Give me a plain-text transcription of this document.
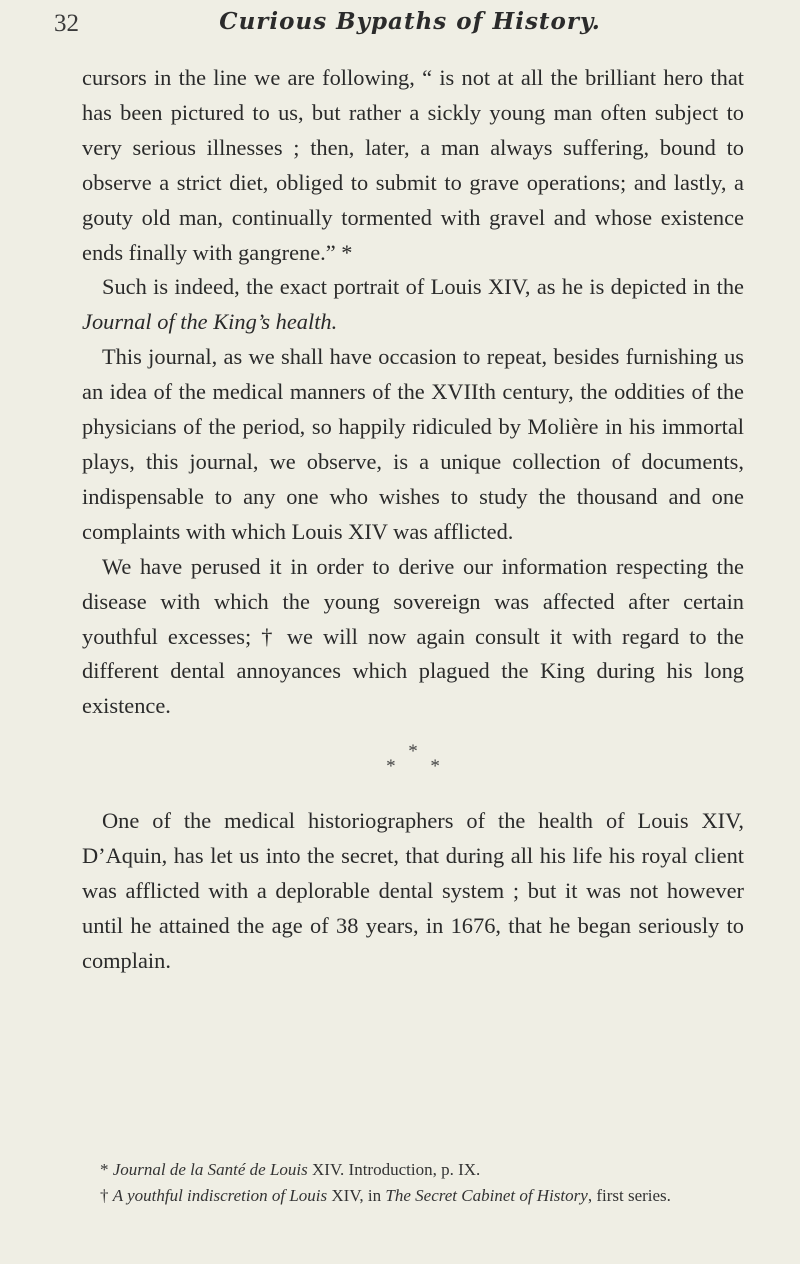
32	Curious Bypaths of History.

cursors in the line we are following, “ is not at all the brilliant hero that has been pictured to us, but rather a sickly young man often subject to very serious illnesses ; then, later, a man always suffering, bound to observe a strict diet, obliged to submit to grave operations; and lastly, a gouty old man, continually tormented with gravel and whose existence ends finally with gangrene.” *

Such is indeed, the exact portrait of Louis XIV, as he is depicted in the Journal of the King’s health.

This journal, as we shall have occasion to repeat, besides furnishing us an idea of the medical manners of the XVIIth century, the oddities of the physicians of the period, so happily ridiculed by Molière in his immortal plays, this journal, we observe, is a unique collection of documents, indispensable to any one who wishes to study the thousand and one complaints with which Louis XIV was afflicted.

We have perused it in order to derive our information respecting the disease with which the young sovereign was affected after certain youthful excesses; † we will now again consult it with regard to the different dental annoyances which plagued the King during his long existence.

*
* *

One of the medical historiographers of the health of Louis XIV, D’Aquin, has let us into the secret, that during all his life his royal client was afflicted with a deplorable dental system ; but it was not however until he attained the age of 38 years, in 1676, that he began seriously to complain.

* Journal de la Santé de Louis XIV. Introduction, p. IX.

† A youthful indiscretion of Louis XIV, in The Secret Cabinet of History, first series.
